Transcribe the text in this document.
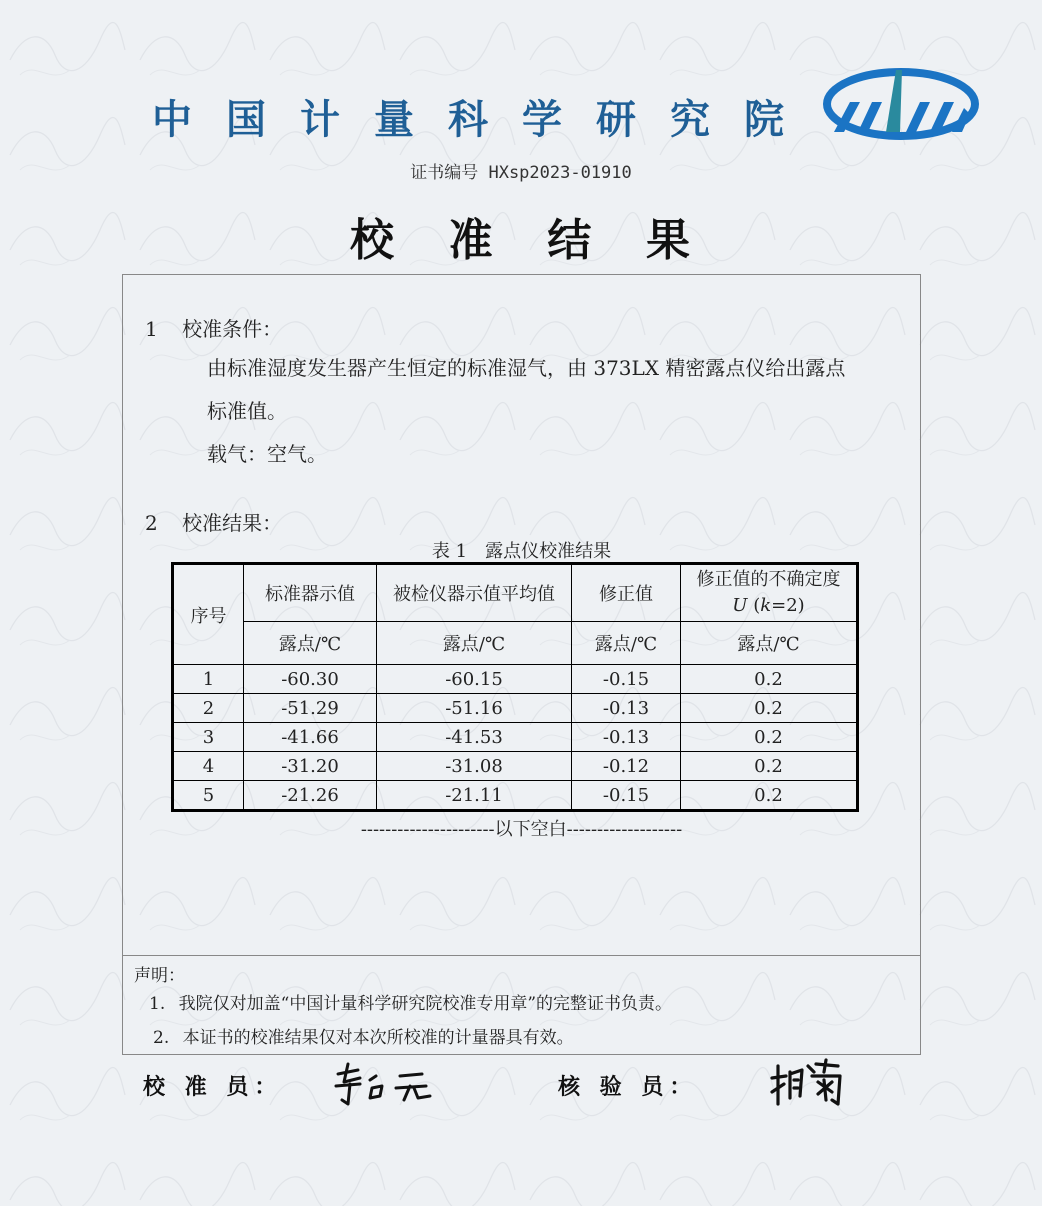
中 国 计 量 科 学 研 究 院	NIM
证书编号 HXsp2023-01910
校 准 结 果
1 校准条件：
由标准湿度发生器产生恒定的标准湿气，由 373LX 精密露点仪给出露点
标准值。
载气：空气。
2 校准结果：
表 1　露点仪校准结果
序号	标准器示值	被检仪器示值平均值	修正值	修正值的不确定度
U (k=2)

	露点/℃	露点/℃	露点/℃	露点/℃
1	-60.30	-60.15	-0.15	0.2
2	-51.29	-51.16	-0.13	0.2
3	-41.66	-41.53	-0.13	0.2
4	-31.20	-31.08	-0.12	0.2
5	-21.26	-21.11	-0.15	0.2
----------------------以下空白-------------------
声明：
1. 我院仅对加盖“中国计量科学研究院校准专用章”的完整证书负责。
2. 本证书的校准结果仅对本次所校准的计量器具有效。
校 准 员：	核 验 员：
